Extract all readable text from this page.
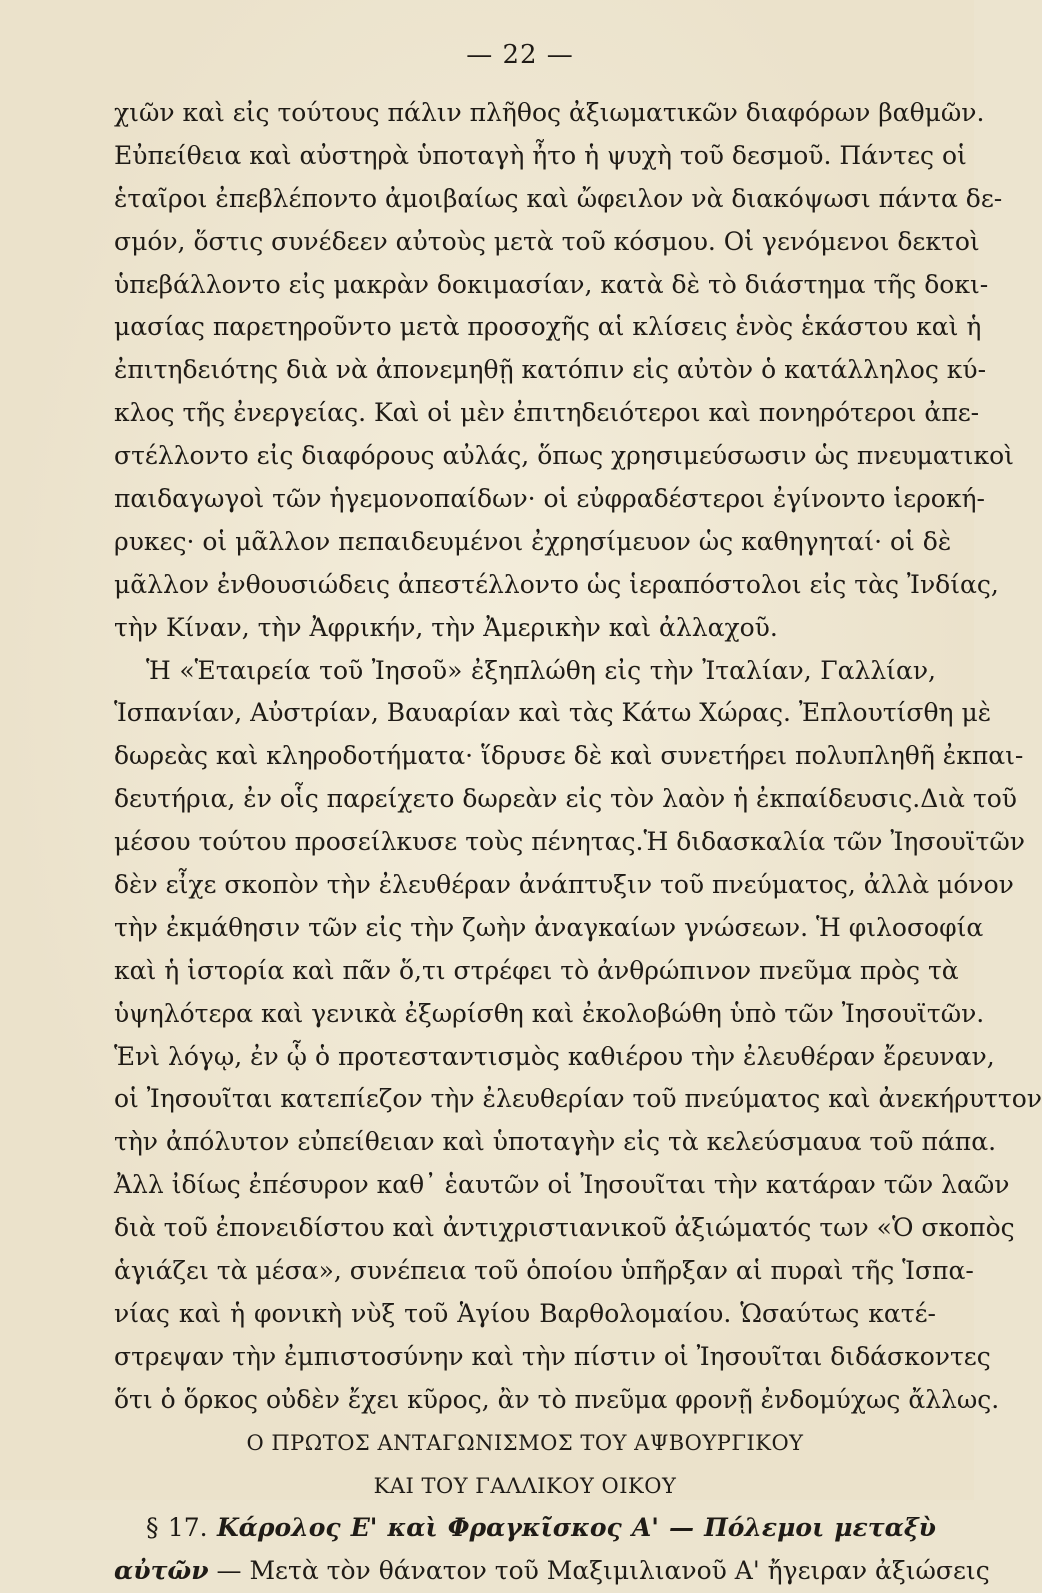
— 22 —
χιῶν καὶ εἰς τούτους πάλιν πλῆθος ἀξιωματικῶν διαφόρων βαθμῶν.
Εὐπείθεια καὶ αὐστηρὰ ὑποταγὴ ἦτο ἡ ψυχὴ τοῦ δεσμοῦ. Πάντες οἱ
ἑταῖροι ἐπεβλέποντο ἀμοιβαίως καὶ ὤφειλον νὰ διακόψωσι πάντα δε-
σμόν, ὅστις συνέδεεν αὐτοὺς μετὰ τοῦ κόσμου. Οἱ γενόμενοι δεκτοὶ
ὑπεβάλλοντο εἰς μακρὰν δοκιμασίαν, κατὰ δὲ τὸ διάστημα τῆς δοκι-
μασίας παρετηροῦντο μετὰ προσοχῆς αἱ κλίσεις ἑνὸς ἑκάστου καὶ ἡ
ἐπιτηδειότης διὰ νὰ ἀπονεμηθῇ κατόπιν εἰς αὐτὸν ὁ κατάλληλος κύ-
κλος τῆς ἐνεργείας. Καὶ οἱ μὲν ἐπιτηδειότεροι καὶ πονηρότεροι ἀπε-
στέλλοντο εἰς διαφόρους αὐλάς, ὅπως χρησιμεύσωσιν ὡς πνευματικοὶ
παιδαγωγοὶ τῶν ἡγεμονοπαίδων· οἱ εὐφραδέστεροι ἐγίνοντο ἱεροκή-
ρυκες· οἱ μᾶλλον πεπαιδευμένοι ἐχρησίμευον ὡς καθηγηταί· οἱ δὲ
μᾶλλον ἐνθουσιώδεις ἀπεστέλλοντο ὡς ἱεραπόστολοι εἰς τὰς Ἰνδίας,
τὴν Κίναν, τὴν Ἀφρικήν, τὴν Ἀμερικὴν καὶ ἀλλαχοῦ.
Ἡ «Ἑταιρεία τοῦ Ἰησοῦ» ἐξηπλώθη εἰς τὴν Ἰταλίαν, Γαλλίαν,
Ἱσπανίαν, Αὐστρίαν, Βαυαρίαν καὶ τὰς Κάτω Χώρας. Ἐπλουτίσθη μὲ
δωρεὰς καὶ κληροδοτήματα· ἵδρυσε δὲ καὶ συνετήρει πολυπληθῆ ἐκπαι-
δευτήρια, ἐν οἷς παρείχετο δωρεὰν εἰς τὸν λαὸν ἡ ἐκπαίδευσις.Διὰ τοῦ
μέσου τούτου προσείλκυσε τοὺς πένητας.Ἡ διδασκαλία τῶν Ἰησουϊτῶν
δὲν εἶχε σκοπὸν τὴν ἐλευθέραν ἀνάπτυξιν τοῦ πνεύματος, ἀλλὰ μόνον
τὴν ἐκμάθησιν τῶν εἰς τὴν ζωὴν ἀναγκαίων γνώσεων. Ἡ φιλοσοφία
καὶ ἡ ἱστορία καὶ πᾶν ὅ,τι στρέφει τὸ ἀνθρώπινον πνεῦμα πρὸς τὰ
ὑψηλότερα καὶ γενικὰ ἐξωρίσθη καὶ ἐκολοβώθη ὑπὸ τῶν Ἰησουϊτῶν.
Ἑνὶ λόγῳ, ἐν ᾧ ὁ προτεσταντισμὸς καθιέρου τὴν ἐλευθέραν ἔρευναν,
οἱ Ἰησουῖται κατεπίεζον τὴν ἐλευθερίαν τοῦ πνεύματος καὶ ἀνεκήρυττον
τὴν ἀπόλυτον εὐπείθειαν καὶ ὑποταγὴν εἰς τὰ κελεύσμαυα τοῦ πάπα.
Ἀλλ ἰδίως ἐπέσυρον καθ᾽ ἑαυτῶν οἱ Ἰησουῖται τὴν κατάραν τῶν λαῶν
διὰ τοῦ ἐπονειδίστου καὶ ἀντιχριστιανικοῦ ἀξιώματός των «Ὁ σκοπὸς
ἁγιάζει τὰ μέσα», συνέπεια τοῦ ὁποίου ὑπῆρξαν αἱ πυραὶ τῆς Ἱσπα-
νίας καὶ ἡ φονικὴ νὺξ τοῦ Ἁγίου Βαρθολομαίου. Ὡσαύτως κατέ-
στρεψαν τὴν ἐμπιστοσύνην καὶ τὴν πίστιν οἱ Ἰησουῖται διδάσκοντες
ὅτι ὁ ὅρκος οὐδὲν ἔχει κῦρος, ἂν τὸ πνεῦμα φρονῇ ἐνδομύχως ἄλλως.
Ο ΠΡΩΤΟΣ ΑΝΤΑΓΩΝΙΣΜΟΣ ΤΟΥ ΑΨΒΟΥΡΓΙΚΟΥ
ΚΑΙ ΤΟΥ ΓΑΛΛΙΚΟΥ ΟΙΚΟΥ
§ 17. Κάρολος Ε' καὶ Φραγκῖσκος Α' — Πόλεμοι μεταξὺ
αὐτῶν — Μετὰ τὸν θάνατον τοῦ Μαξιμιλιανοῦ Α' ἤγειραν ἀξιώσεις
